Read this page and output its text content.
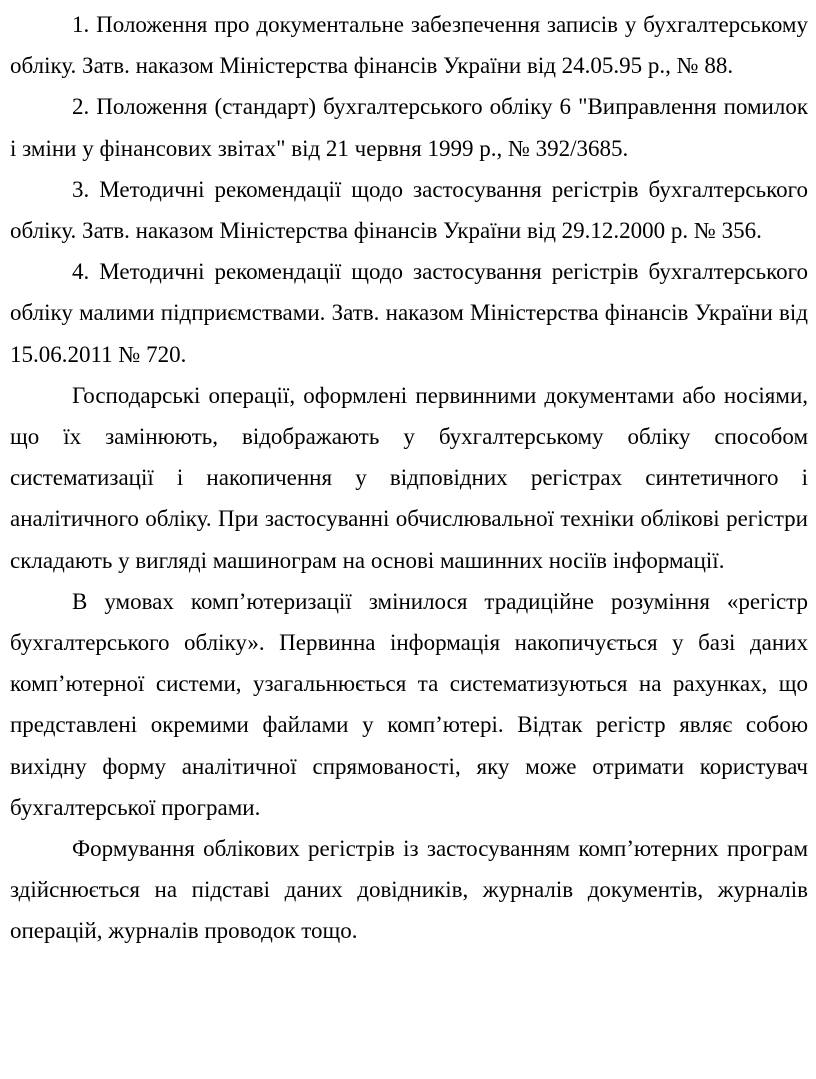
1. Положення про документальне забезпечення записів у бухгалтерському обліку. Затв. наказом Міністерства фінансів України від 24.05.95 р., № 88.

2. Положення (стандарт) бухгалтерського обліку 6 "Виправлення помилок і зміни у фінансових звітах" від 21 червня 1999 р., № 392/3685.

3. Методичні рекомендації щодо застосування регістрів бухгалтерського обліку. Затв. наказом Міністерства фінансів України від 29.12.2000 р. № 356.

4. Методичні рекомендації щодо застосування регістрів бухгалтерського обліку малими підприємствами. Затв. наказом Міністерства фінансів України від 15.06.2011 № 720.

Господарські операції, оформлені первинними документами або носіями, що їх замінюють, відображають у бухгалтерському обліку способом систематизації і накопичення у відповідних регістрах синтетичного і аналітичного обліку. При застосуванні обчислювальної техніки облікові регістри складають у вигляді машинограм на основі машинних носіїв інформації.

В умовах комп’ютеризації змінилося традиційне розуміння «регістр бухгалтерського обліку». Первинна інформація накопичується у базі даних комп’ютерної системи, узагальнюється та систематизуються на рахунках, що представлені окремими файлами у комп’ютері. Відтак регістр являє собою вихідну форму аналітичної спрямованості, яку може отримати користувач бухгалтерської програми.

Формування облікових регістрів із застосуванням комп’ютерних програм здійснюється на підставі даних довідників, журналів документів, журналів операцій, журналів проводок тощо.
